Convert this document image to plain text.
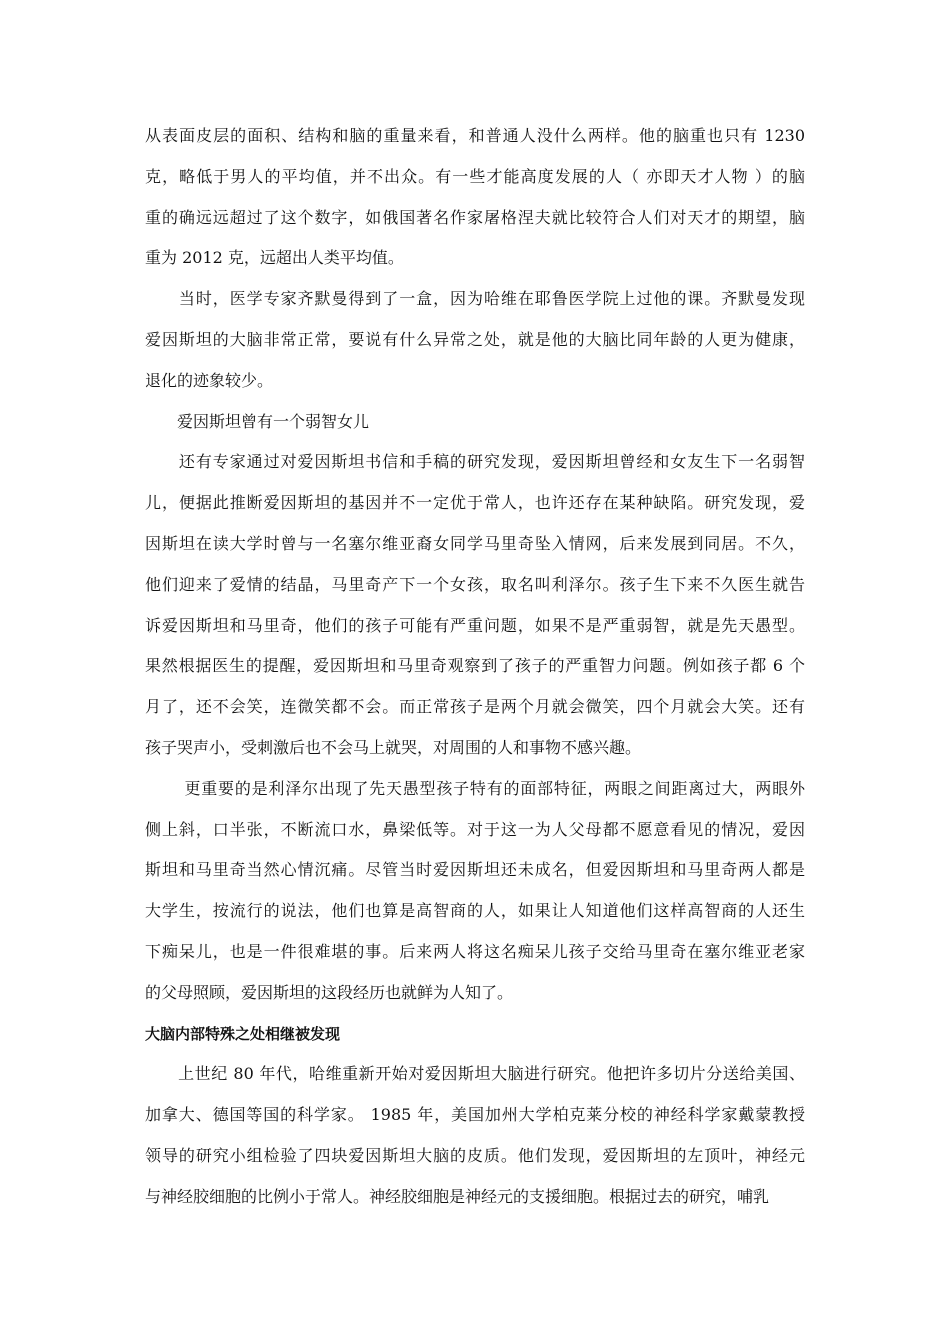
从表面皮层的面积、结构和脑的重量来看，和普通人没什么两样。他的脑重也只有 1230
克，略低于男人的平均值，并不出众。有一些才能高度发展的人（ 亦即天才人物 ）的脑
重的确远远超过了这个数字，如俄国著名作家屠格涅夫就比较符合人们对天才的期望，脑
重为 2012 克，远超出人类平均值。
　　当时，医学专家齐默曼得到了一盒，因为哈维在耶鲁医学院上过他的课。齐默曼发现
爱因斯坦的大脑非常正常，要说有什么异常之处，就是他的大脑比同年龄的人更为健康，
退化的迹象较少。
　　爱因斯坦曾有一个弱智女儿
　　还有专家通过对爱因斯坦书信和手稿的研究发现，爱因斯坦曾经和女友生下一名弱智
儿，便据此推断爱因斯坦的基因并不一定优于常人，也许还存在某种缺陷。研究发现，爱
因斯坦在读大学时曾与一名塞尔维亚裔女同学马里奇坠入情网，后来发展到同居。不久，
他们迎来了爱情的结晶，马里奇产下一个女孩，取名叫利泽尔。孩子生下来不久医生就告
诉爱因斯坦和马里奇，他们的孩子可能有严重问题，如果不是严重弱智，就是先天愚型。
果然根据医生的提醒，爱因斯坦和马里奇观察到了孩子的严重智力问题。例如孩子都 6 个
月了，还不会笑，连微笑都不会。而正常孩子是两个月就会微笑，四个月就会大笑。还有
孩子哭声小，受刺激后也不会马上就哭，对周围的人和事物不感兴趣。
　　 更重要的是利泽尔出现了先天愚型孩子特有的面部特征，两眼之间距离过大，两眼外
侧上斜，口半张，不断流口水，鼻梁低等。对于这一为人父母都不愿意看见的情况，爱因
斯坦和马里奇当然心情沉痛。尽管当时爱因斯坦还未成名，但爱因斯坦和马里奇两人都是
大学生，按流行的说法，他们也算是高智商的人，如果让人知道他们这样高智商的人还生
下痴呆儿，也是一件很难堪的事。后来两人将这名痴呆儿孩子交给马里奇在塞尔维亚老家
的父母照顾，爱因斯坦的这段经历也就鲜为人知了。
大脑内部特殊之处相继被发现
　　上世纪 80 年代，哈维重新开始对爱因斯坦大脑进行研究。他把许多切片分送给美国、
加拿大、德国等国的科学家。 1985 年，美国加州大学柏克莱分校的神经科学家戴蒙教授
领导的研究小组检验了四块爱因斯坦大脑的皮质。他们发现，爱因斯坦的左顶叶，神经元
与神经胶细胞的比例小于常人。神经胶细胞是神经元的支援细胞。根据过去的研究，哺乳
